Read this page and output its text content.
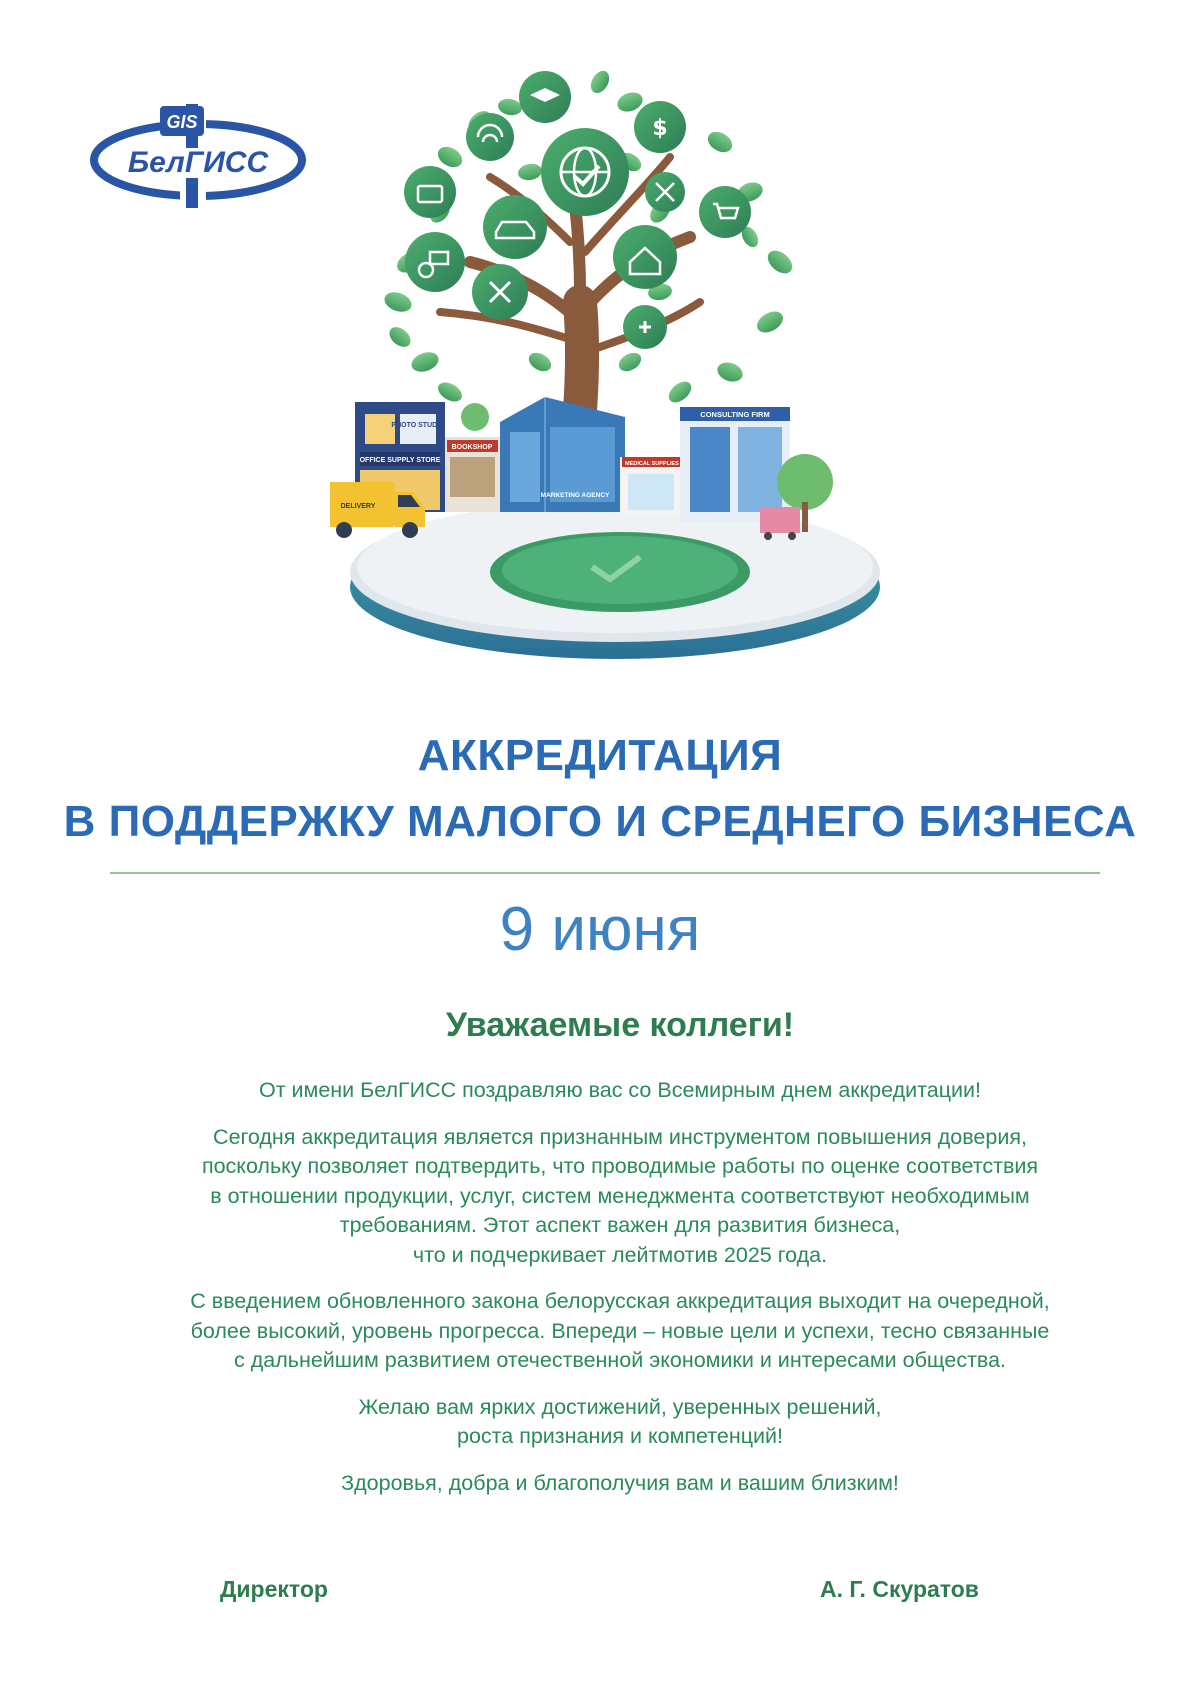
GIS
БелГИСС
$
PHOTO STUDIO
OFFICE SUPPLY STORE
BOOKSHOP
MARKETING AGENCY
MEDICAL SUPPLIES
CONSULTING FIRM
DELIVERY
АККРЕДИТАЦИЯ
В ПОДДЕРЖКУ МАЛОГО И СРЕДНЕГО БИЗНЕСА
9 июня
Уважаемые коллеги!

От имени БелГИСС поздравляю вас со Всемирным днем аккредитации!

Сегодня аккредитация является признанным инструментом повышения доверия,
поскольку позволяет подтвердить, что проводимые работы по оценке соответствия
в отношении продукции, услуг, систем менеджмента соответствуют необходимым
требованиям. Этот аспект важен для развития бизнеса,
что и подчеркивает лейтмотив 2025 года.

С введением обновленного закона белорусская аккредитация выходит на очередной,
более высокий, уровень прогресса. Впереди – новые цели и успехи, тесно связанные
с дальнейшим развитием отечественной экономики и интересами общества.

Желаю вам ярких достижений, уверенных решений,
роста признания и компетенций!

Здоровья, добра и благополучия вам и вашим близким!

Директор	А. Г. Скуратов
